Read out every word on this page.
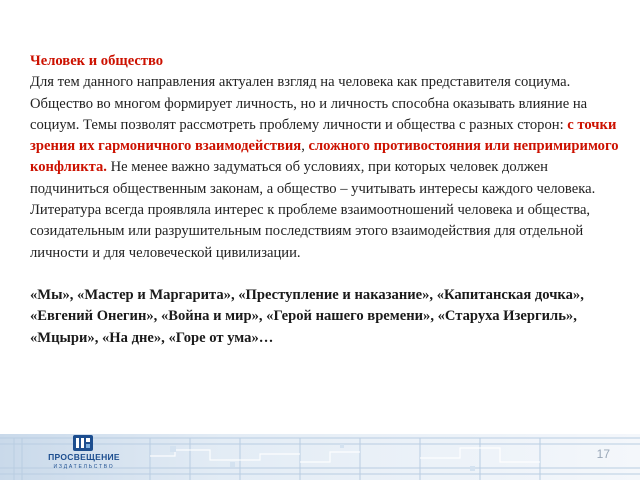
Человек и общество
Для тем данного направления актуален взгляд на человека как представителя социума. Общество во многом формирует личность, но и личность способна оказывать влияние на социум. Темы позволят рассмотреть проблему личности и общества с разных сторон: с точки зрения их гармоничного взаимодействия, сложного противостояния или непримиримого конфликта. Не менее важно задуматься об условиях, при которых человек должен подчиниться общественным законам, а общество – учитывать интересы каждого человека. Литература всегда проявляла интерес к проблеме взаимоотношений человека и общества, созидательным или разрушительным последствиям этого взаимодействия для отдельной личности и для человеческой цивилизации.
«Мы», «Мастер и Маргарита», «Преступление и наказание», «Капитанская дочка», «Евгений Онегин», «Война и мир», «Герой нашего времени», «Старуха Изергиль», «Мцыри», «На дне», «Горе от ума»…
ПРОСВЕЩЕНИЕ
ИЗДАТЕЛЬСТВО
17
